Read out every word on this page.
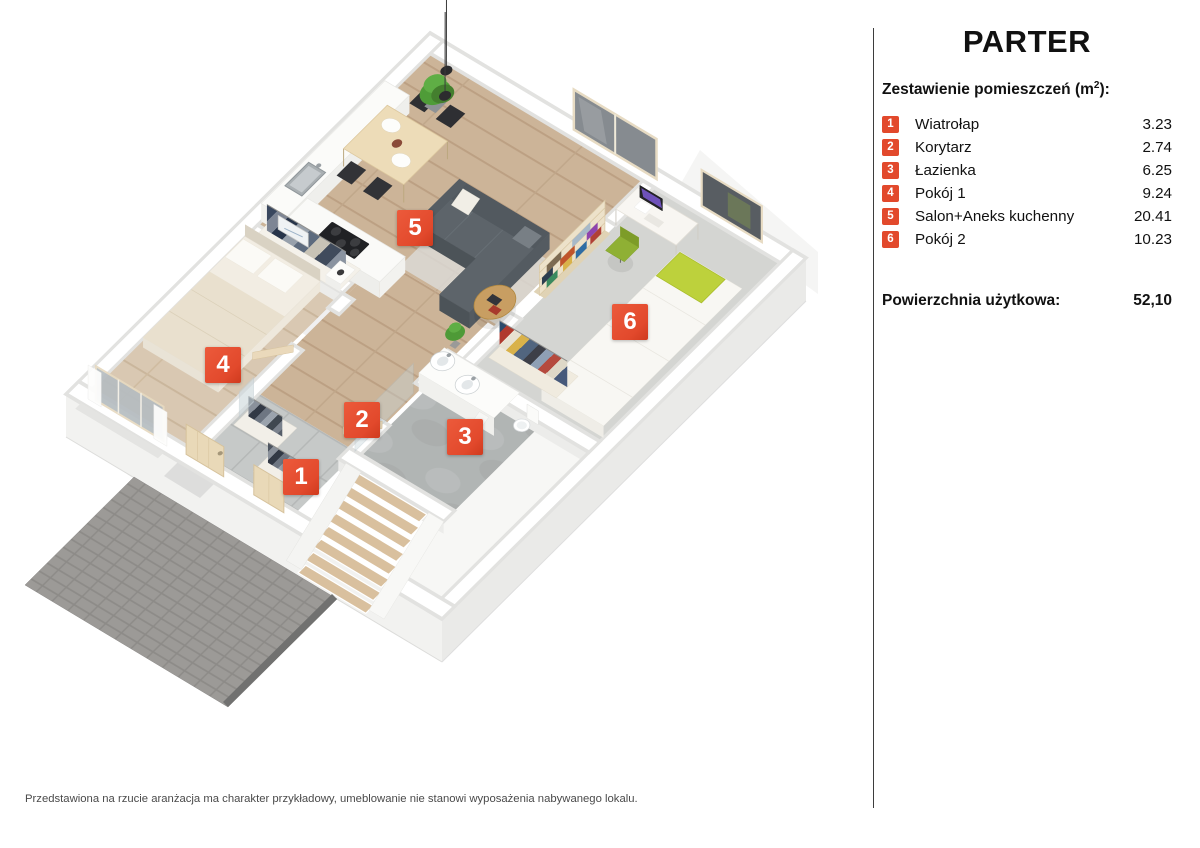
1
2
3
4
5
6
PARTER
Zestawienie pomieszczeń $(m^2)$:
1	Wiatrołap	3.23
2	Korytarz	2.74
3	Łazienka	6.25
4	Pokój 1	9.24
5	Salon+Aneks kuchenny	20.41
6	Pokój 2	10.23
Powierzchnia użytkowa:	52,10
Przedstawiona na rzucie aranżacja ma charakter przykładowy, umeblowanie nie stanowi wyposażenia nabywanego lokalu.
